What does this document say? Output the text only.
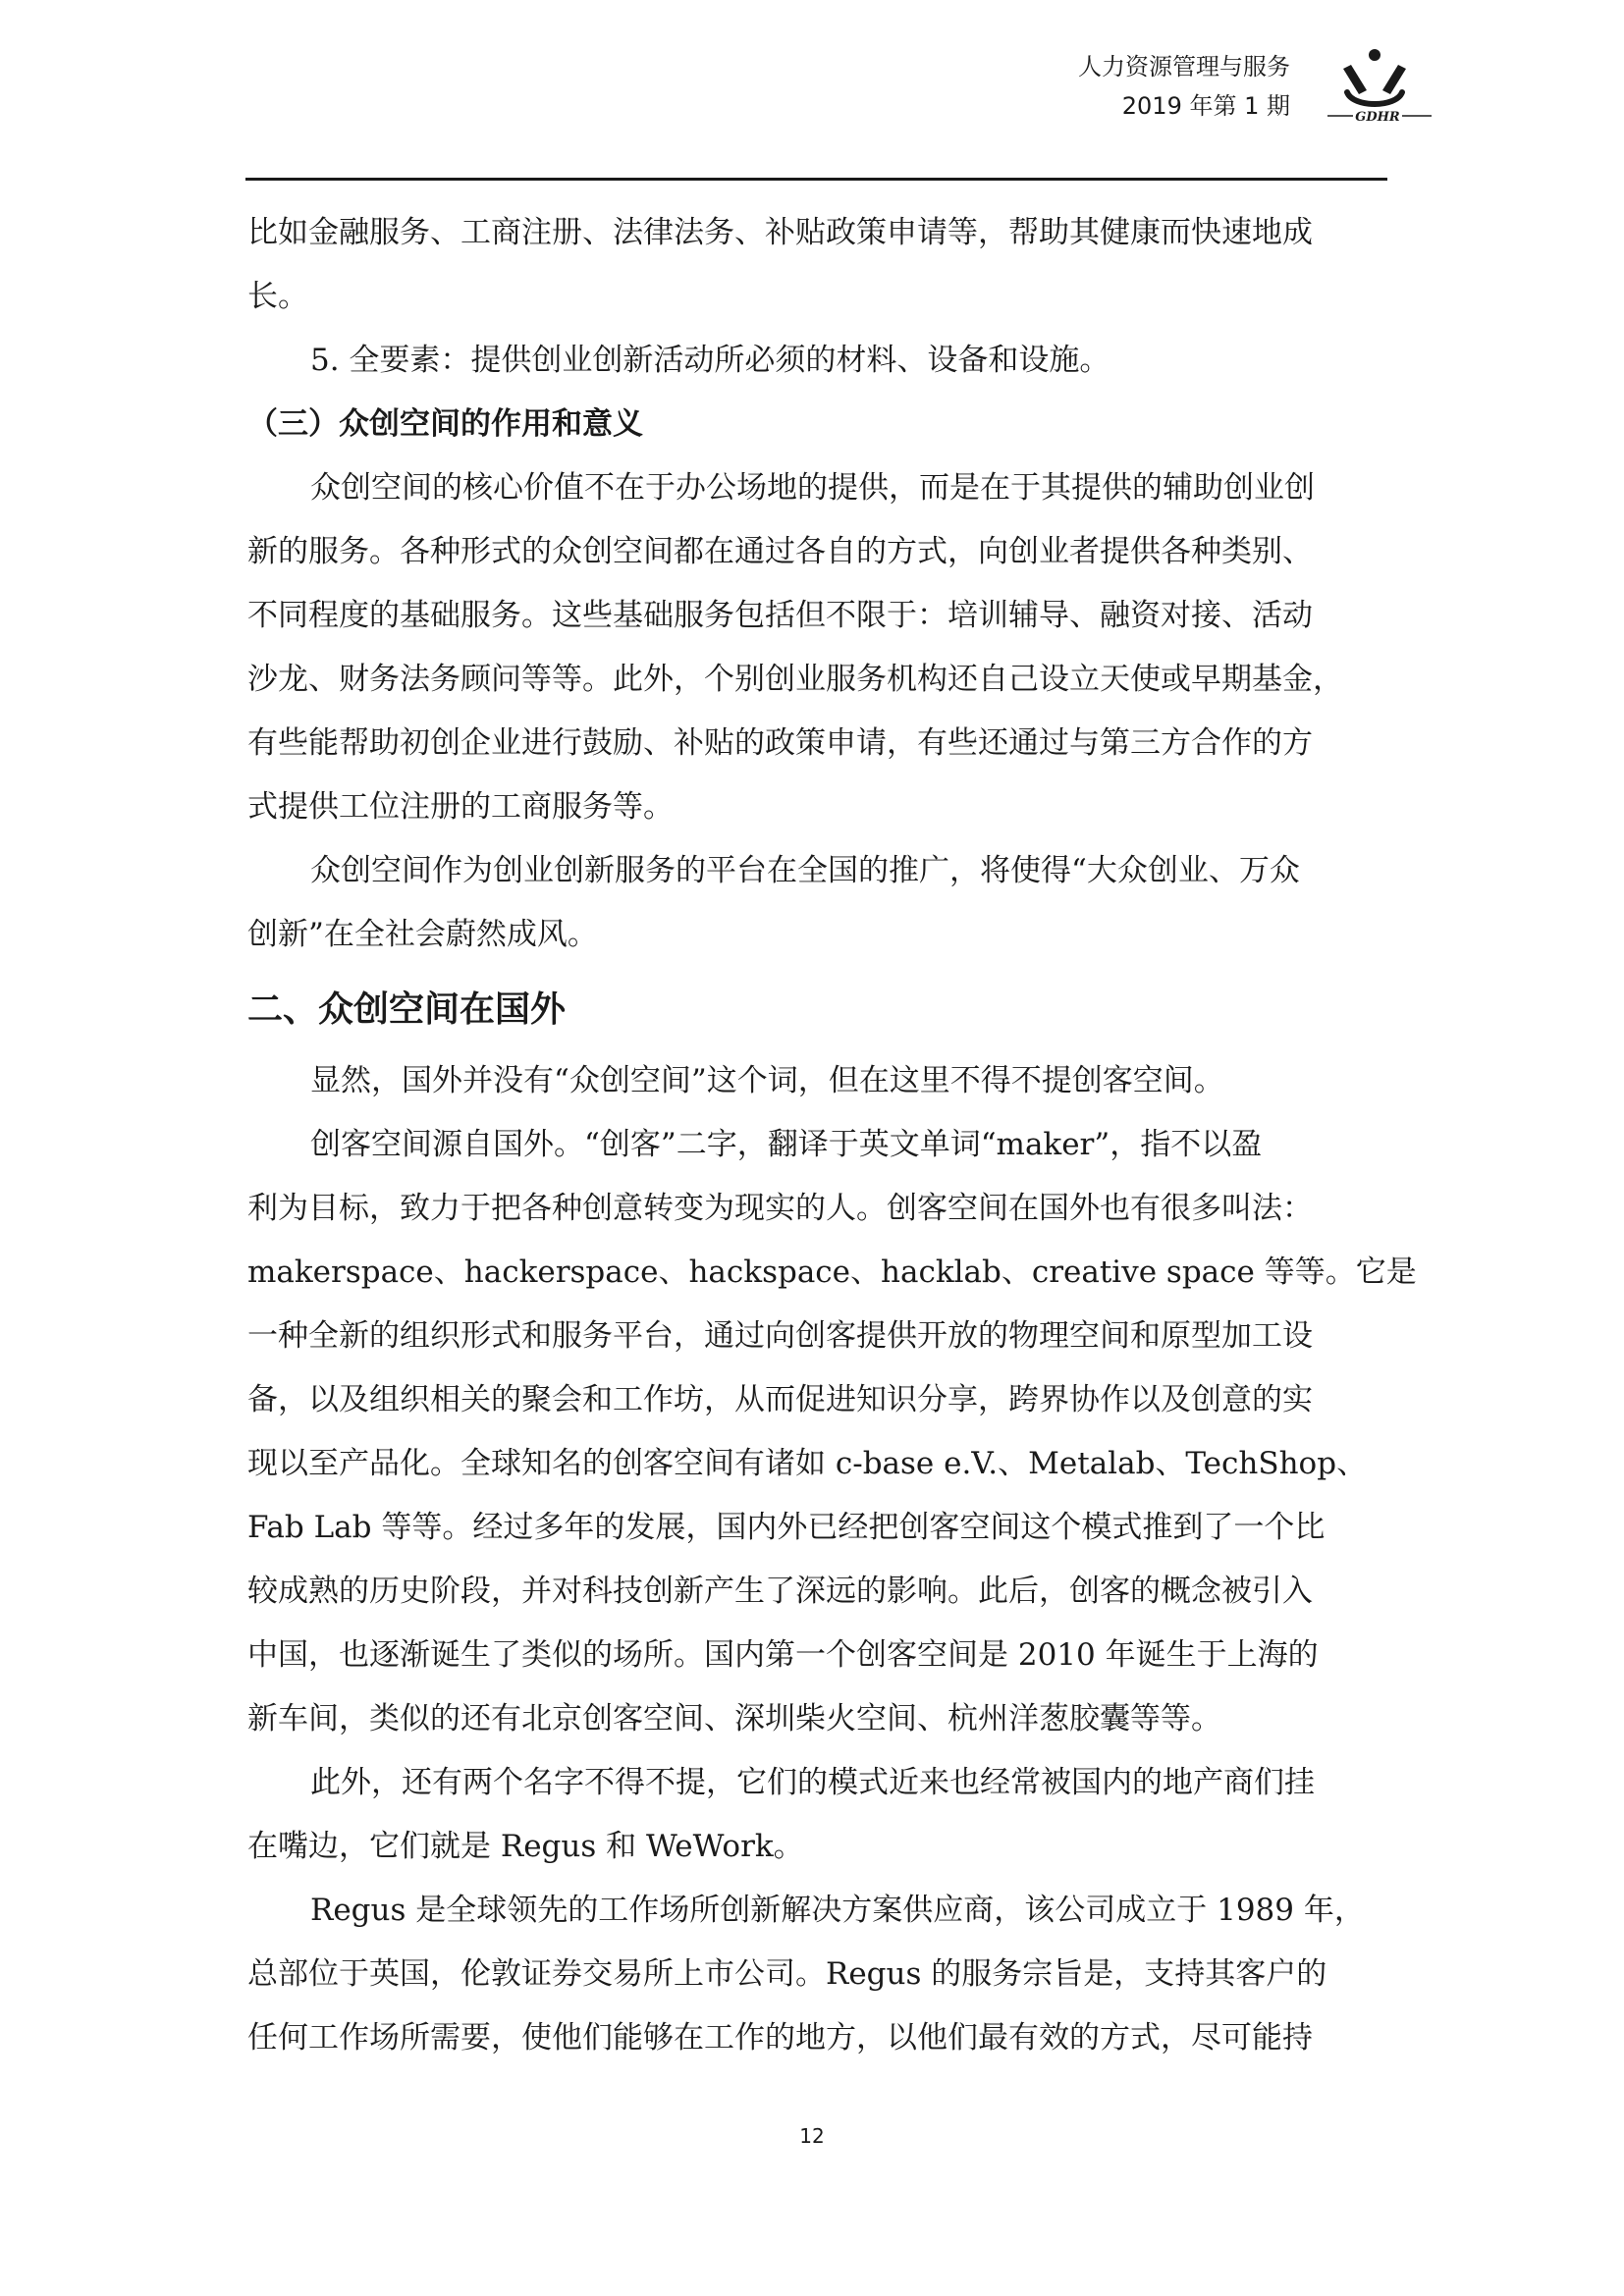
人力资源管理与服务
2019 年第 1 期	GDHR

比如金融服务、工商注册、法律法务、补贴政策申请等，帮助其健康而快速地成
长。

5. 全要素：提供创业创新活动所必须的材料、设备和设施。

（三）众创空间的作用和意义

众创空间的核心价值不在于办公场地的提供，而是在于其提供的辅助创业创
新的服务。各种形式的众创空间都在通过各自的方式，向创业者提供各种类别、
不同程度的基础服务。这些基础服务包括但不限于：培训辅导、融资对接、活动
沙龙、财务法务顾问等等。此外，个别创业服务机构还自己设立天使或早期基金，
有些能帮助初创企业进行鼓励、补贴的政策申请，有些还通过与第三方合作的方
式提供工位注册的工商服务等。

众创空间作为创业创新服务的平台在全国的推广，将使得“大众创业、万众
创新”在全社会蔚然成风。

二、众创空间在国外

显然，国外并没有“众创空间”这个词，但在这里不得不提创客空间。

创客空间源自国外。“创客”二字，翻译于英文单词“maker”，指不以盈
利为目标，致力于把各种创意转变为现实的人。创客空间在国外也有很多叫法：
makerspace、hackerspace、hackspace、hacklab、creative space 等等。它是
一种全新的组织形式和服务平台，通过向创客提供开放的物理空间和原型加工设
备，以及组织相关的聚会和工作坊，从而促进知识分享，跨界协作以及创意的实
现以至产品化。全球知名的创客空间有诸如 c-base e.V.、Metalab、TechShop、
Fab Lab 等等。经过多年的发展，国内外已经把创客空间这个模式推到了一个比
较成熟的历史阶段，并对科技创新产生了深远的影响。此后，创客的概念被引入
中国，也逐渐诞生了类似的场所。国内第一个创客空间是 2010 年诞生于上海的
新车间，类似的还有北京创客空间、深圳柴火空间、杭州洋葱胶囊等等。

此外，还有两个名字不得不提，它们的模式近来也经常被国内的地产商们挂
在嘴边，它们就是 Regus 和 WeWork。

Regus 是全球领先的工作场所创新解决方案供应商，该公司成立于 1989 年，
总部位于英国，伦敦证券交易所上市公司。Regus 的服务宗旨是，支持其客户的
任何工作场所需要，使他们能够在工作的地方，以他们最有效的方式，尽可能持

12
